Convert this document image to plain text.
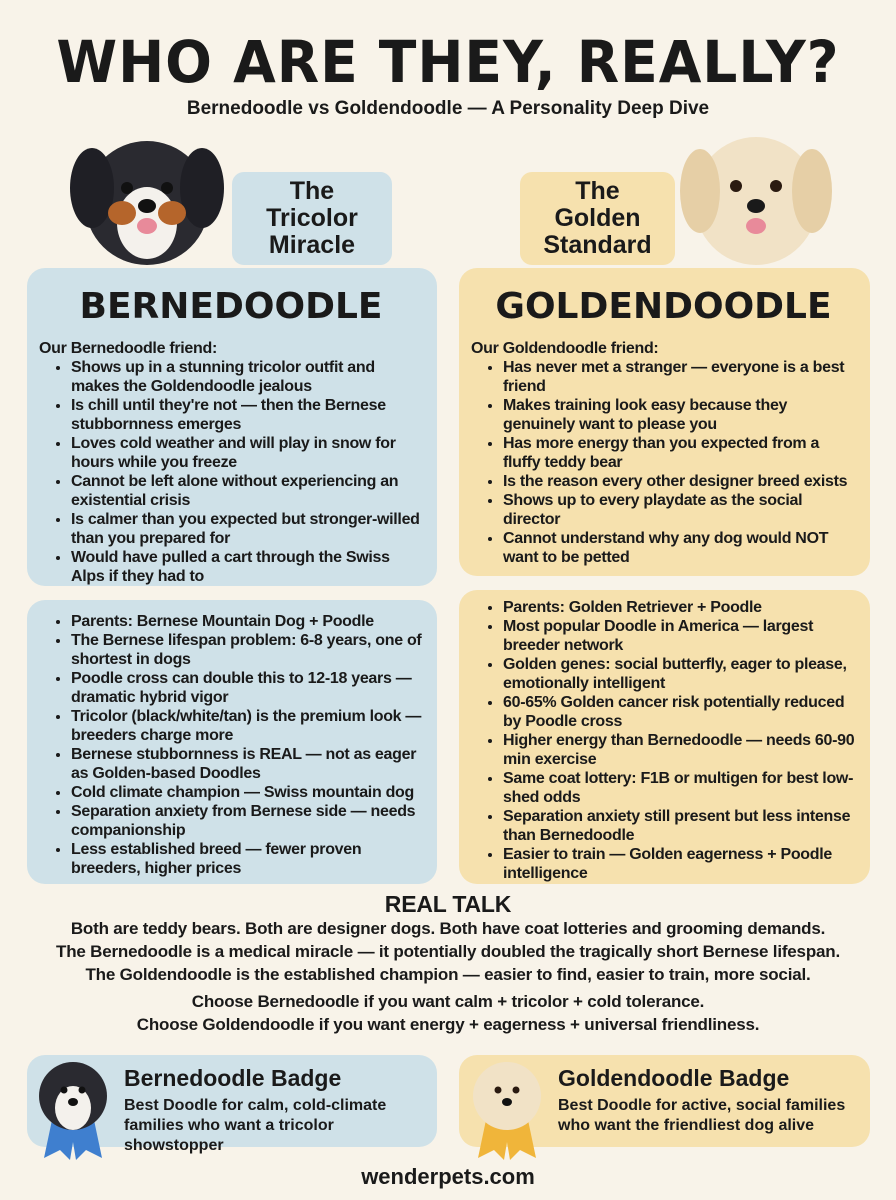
WHO ARE THEY, REALLY?
Bernedoodle vs Goldendoodle — A Personality Deep Dive
The Tricolor Miracle
The Golden Standard
BERNEDOODLE

Our Bernedoodle friend:

• Shows up in a stunning tricolor outfit and makes the Goldendoodle jealous
• Is chill until they're not — then the Bernese stubbornness emerges
• Loves cold weather and will play in snow for hours while you freeze
• Cannot be left alone without experiencing an existential crisis
• Is calmer than you expected but stronger-willed than you prepared for
• Would have pulled a cart through the Swiss Alps if they had to
GOLDENDOODLE

Our Goldendoodle friend:

• Has never met a stranger — everyone is a best friend
• Makes training look easy because they genuinely want to please you
• Has more energy than you expected from a fluffy teddy bear
• Is the reason every other designer breed exists
• Shows up to every playdate as the social director
• Cannot understand why any dog would NOT want to be petted
• Parents: Bernese Mountain Dog + Poodle
• The Bernese lifespan problem: 6-8 years, one of shortest in dogs
• Poodle cross can double this to 12-18 years — dramatic hybrid vigor
• Tricolor (black/white/tan) is the premium look — breeders charge more
• Bernese stubbornness is REAL — not as eager as Golden-based Doodles
• Cold climate champion — Swiss mountain dog
• Separation anxiety from Bernese side — needs companionship
• Less established breed — fewer proven breeders, higher prices
• Parents: Golden Retriever + Poodle
• Most popular Doodle in America — largest breeder network
• Golden genes: social butterfly, eager to please, emotionally intelligent
• 60-65% Golden cancer risk potentially reduced by Poodle cross
• Higher energy than Bernedoodle — needs 60-90 min exercise
• Same coat lottery: F1B or multigen for best low-shed odds
• Separation anxiety still present but less intense than Bernedoodle
• Easier to train — Golden eagerness + Poodle intelligence
REAL TALK
Both are teddy bears. Both are designer dogs. Both have coat lotteries and grooming demands.
The Bernedoodle is a medical miracle — it potentially doubled the tragically short Bernese lifespan.
The Goldendoodle is the established champion — easier to find, easier to train, more social.
Choose Bernedoodle if you want calm + tricolor + cold tolerance.
Choose Goldendoodle if you want energy + eagerness + universal friendliness.
Bernedoodle Badge

Best Doodle for calm, cold-climate families who want a tricolor showstopper

Goldendoodle Badge

Best Doodle for active, social families who want the friendliest dog alive

wenderpets.com
